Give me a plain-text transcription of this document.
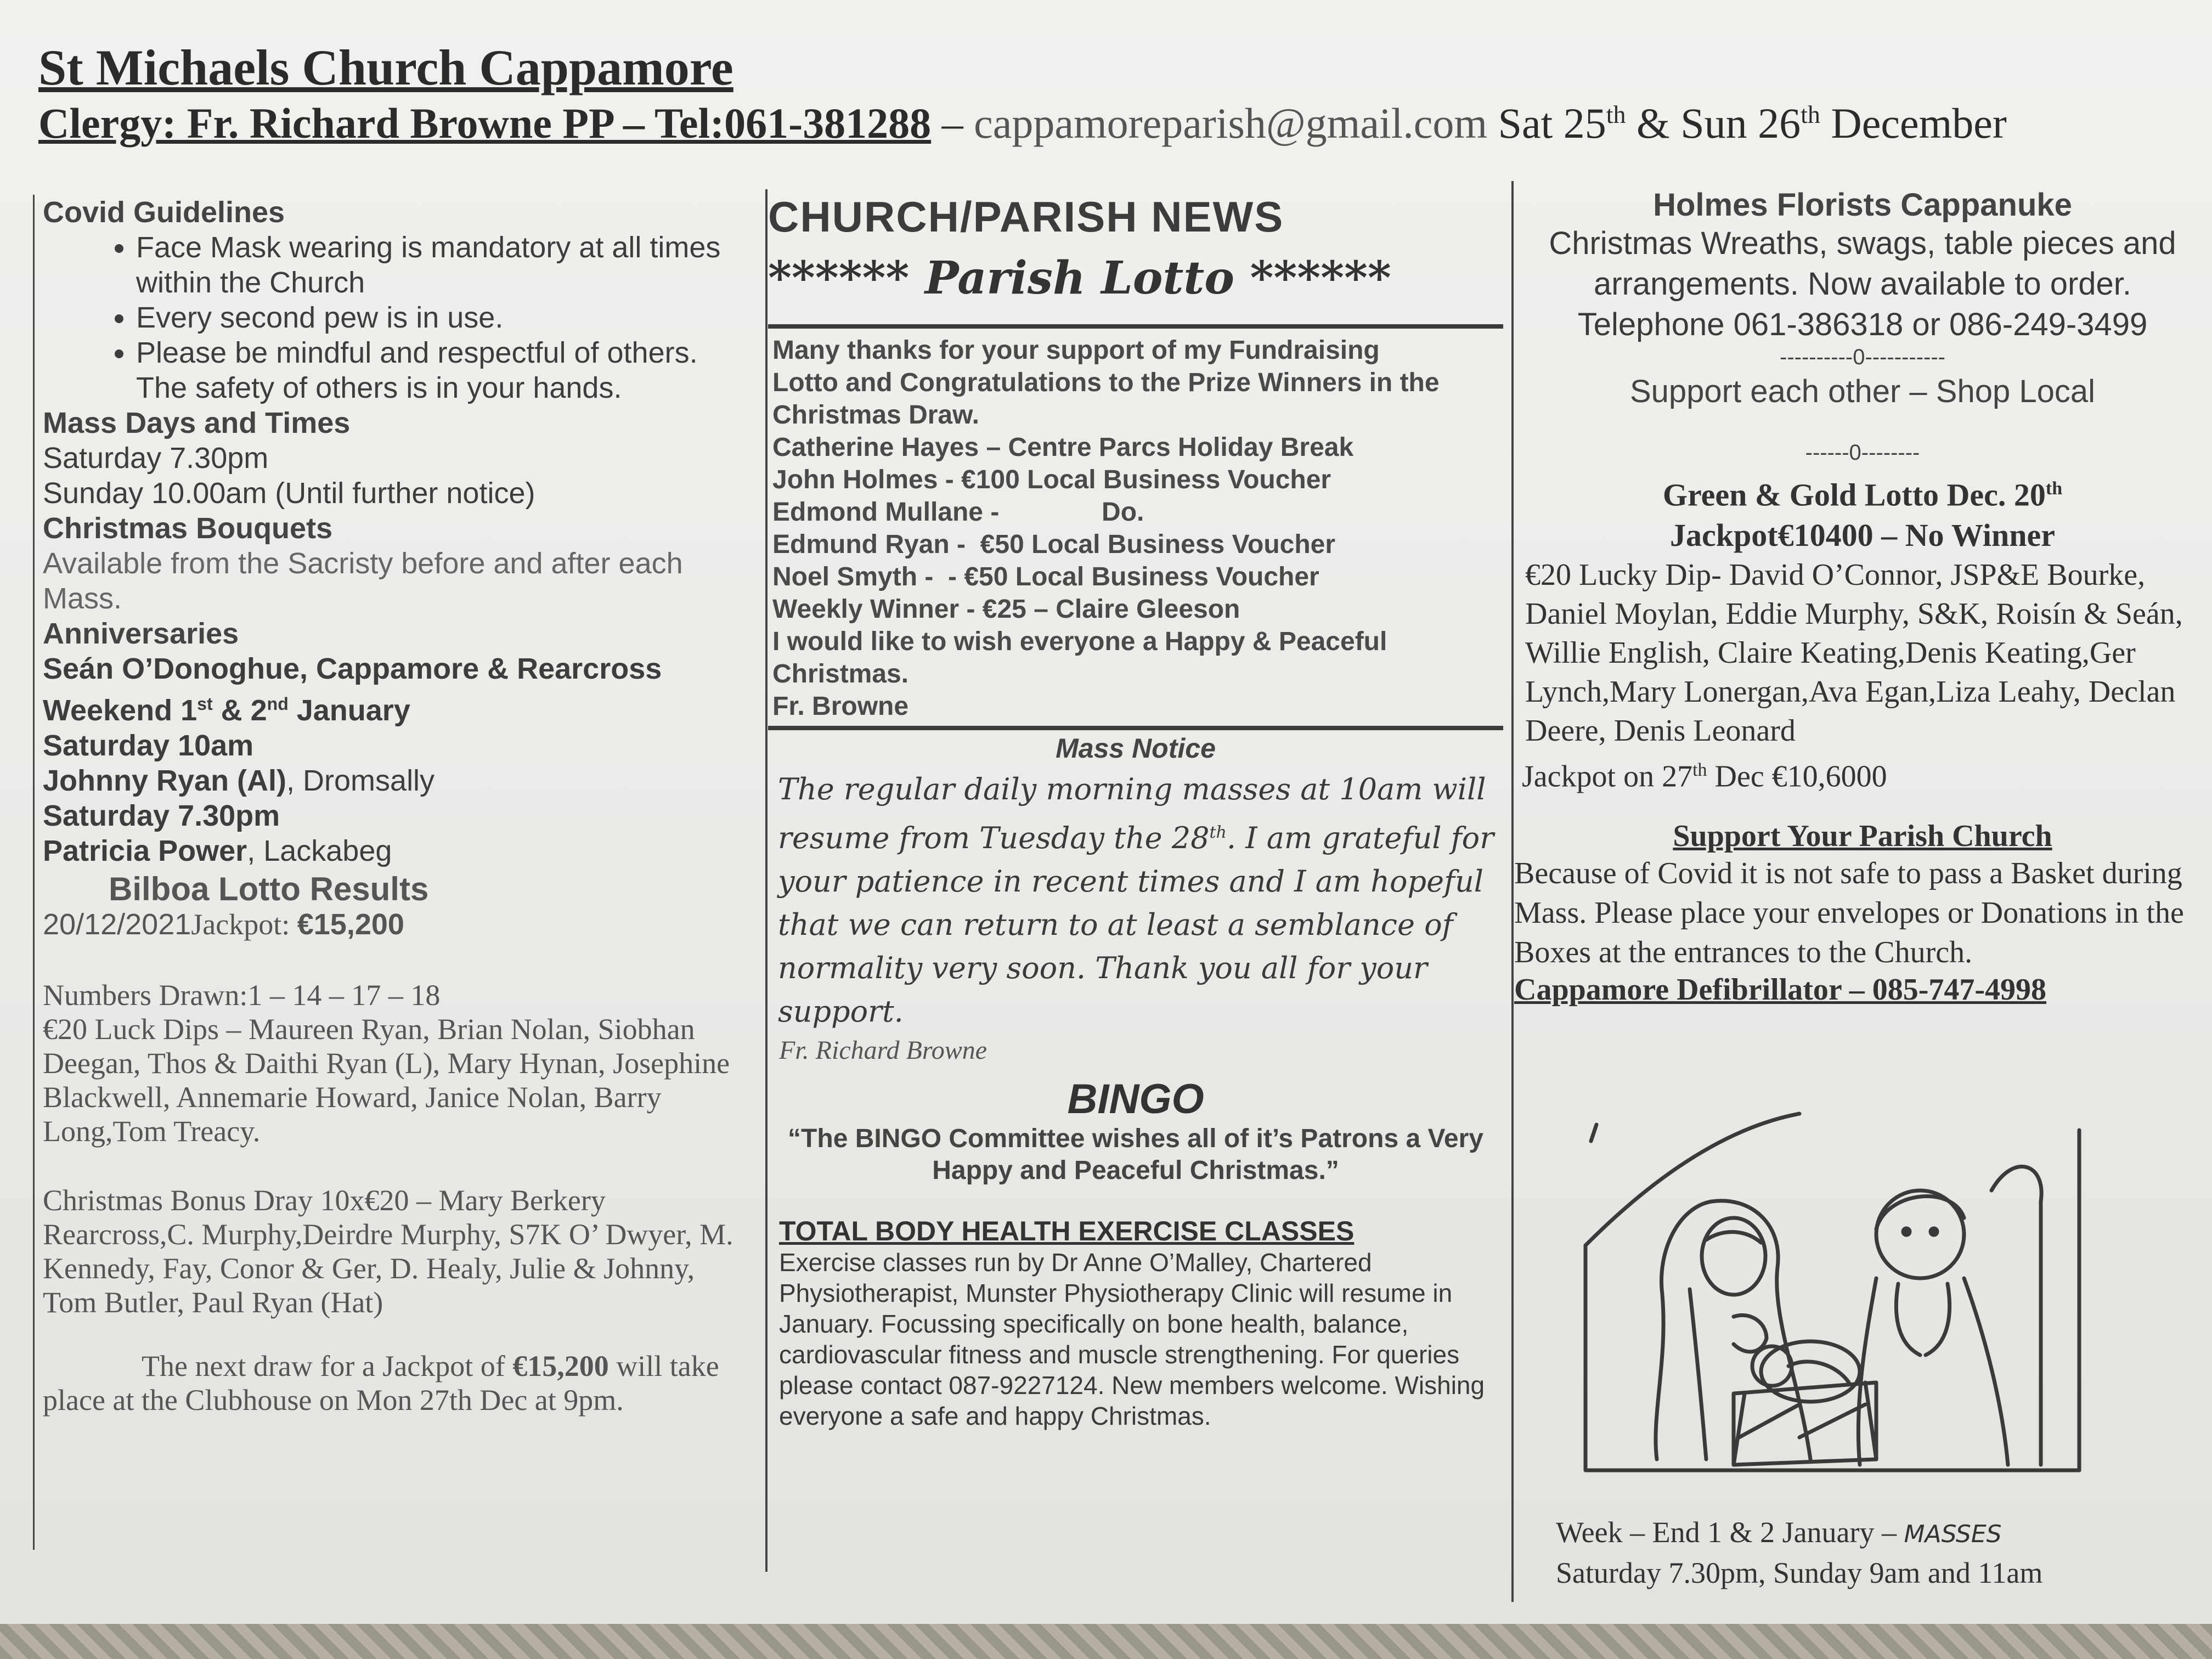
St Michaels Church Cappamore
Clergy: Fr. Richard Browne PP – Tel:061-381288 – cappamoreparish@gmail.com Sat 25th & Sun 26th December
Covid Guidelines
• Face Mask wearing is mandatory at all times within the Church
• Every second pew is in use.
• Please be mindful and respectful of others. The safety of others is in your hands.
Mass Days and Times
Saturday 7.30pm
Sunday 10.00am (Until further notice)
Christmas Bouquets
Available from the Sacristy before and after each Mass.
Anniversaries
Seán O’Donoghue, Cappamore & Rearcross
Weekend 1st & 2nd January
Saturday 10am
Johnny Ryan (Al), Dromsally
Saturday 7.30pm
Patricia Power, Lackabeg
Bilboa Lotto Results
20/12/2021Jackpot: €15,200
Numbers Drawn:1 – 14 – 17 – 18
€20 Luck Dips – Maureen Ryan, Brian Nolan, Siobhan Deegan, Thos & Daithi Ryan (L), Mary Hynan, Josephine Blackwell, Annemarie Howard, Janice Nolan, Barry Long,Tom Treacy.
Christmas Bonus Dray 10x€20 – Mary Berkery Rearcross,C. Murphy,Deirdre Murphy, S7K O’ Dwyer, M. Kennedy, Fay, Conor & Ger, D. Healy, Julie & Johnny, Tom Butler, Paul Ryan (Hat)
The next draw for a Jackpot of €15,200 will take place at the Clubhouse on Mon 27th Dec at 9pm.
CHURCH/PARISH NEWS
****** Parish Lotto ******
Many thanks for your support of my Fundraising
Lotto and Congratulations to the Prize Winners in the
Christmas Draw.
Catherine Hayes – Centre Parcs Holiday Break
John Holmes - €100 Local Business Voucher
Edmond Mullane -              Do.
Edmund Ryan -  €50 Local Business Voucher
Noel Smyth -  - €50 Local Business Voucher
Weekly Winner - €25 – Claire Gleeson
I would like to wish everyone a Happy & Peaceful
Christmas.
Fr. Browne
Mass Notice
The regular daily morning masses at 10am will resume from Tuesday the 28th. I am grateful for your patience in recent times and I am hopeful that we can return to at least a semblance of normality very soon. Thank you all for your support.
Fr. Richard Browne
BINGO
“The BINGO Committee wishes all of it’s Patrons a Very Happy and Peaceful Christmas.”
TOTAL BODY HEALTH EXERCISE CLASSES
Exercise classes run by Dr Anne O’Malley, Chartered Physiotherapist, Munster Physiotherapy Clinic will resume in January. Focussing specifically on bone health, balance, cardiovascular fitness and muscle strengthening. For queries please contact 087-9227124. New members welcome. Wishing everyone a safe and happy Christmas.
Holmes Florists Cappanuke
Christmas Wreaths, swags, table pieces and arrangements. Now available to order.
Telephone 061-386318 or 086-249-3499
----------0-----------
Support each other – Shop Local
------0--------
Green & Gold Lotto Dec. 20th
Jackpot€10400 – No Winner
€20 Lucky Dip- David O’Connor, JSP&E Bourke, Daniel Moylan, Eddie Murphy, S&K, Roisín & Seán, Willie English, Claire Keating,Denis Keating,Ger Lynch,Mary Lonergan,Ava Egan,Liza Leahy, Declan Deere, Denis Leonard
Jackpot on 27th Dec €10,6000
Support Your Parish Church
Because of Covid it is not safe to pass a Basket during Mass. Please place your envelopes or Donations in the Boxes at the entrances to the Church.
Cappamore Defibrillator – 085-747-4998
Week – End 1 & 2 January – MASSES
Saturday 7.30pm, Sunday 9am and 11am
